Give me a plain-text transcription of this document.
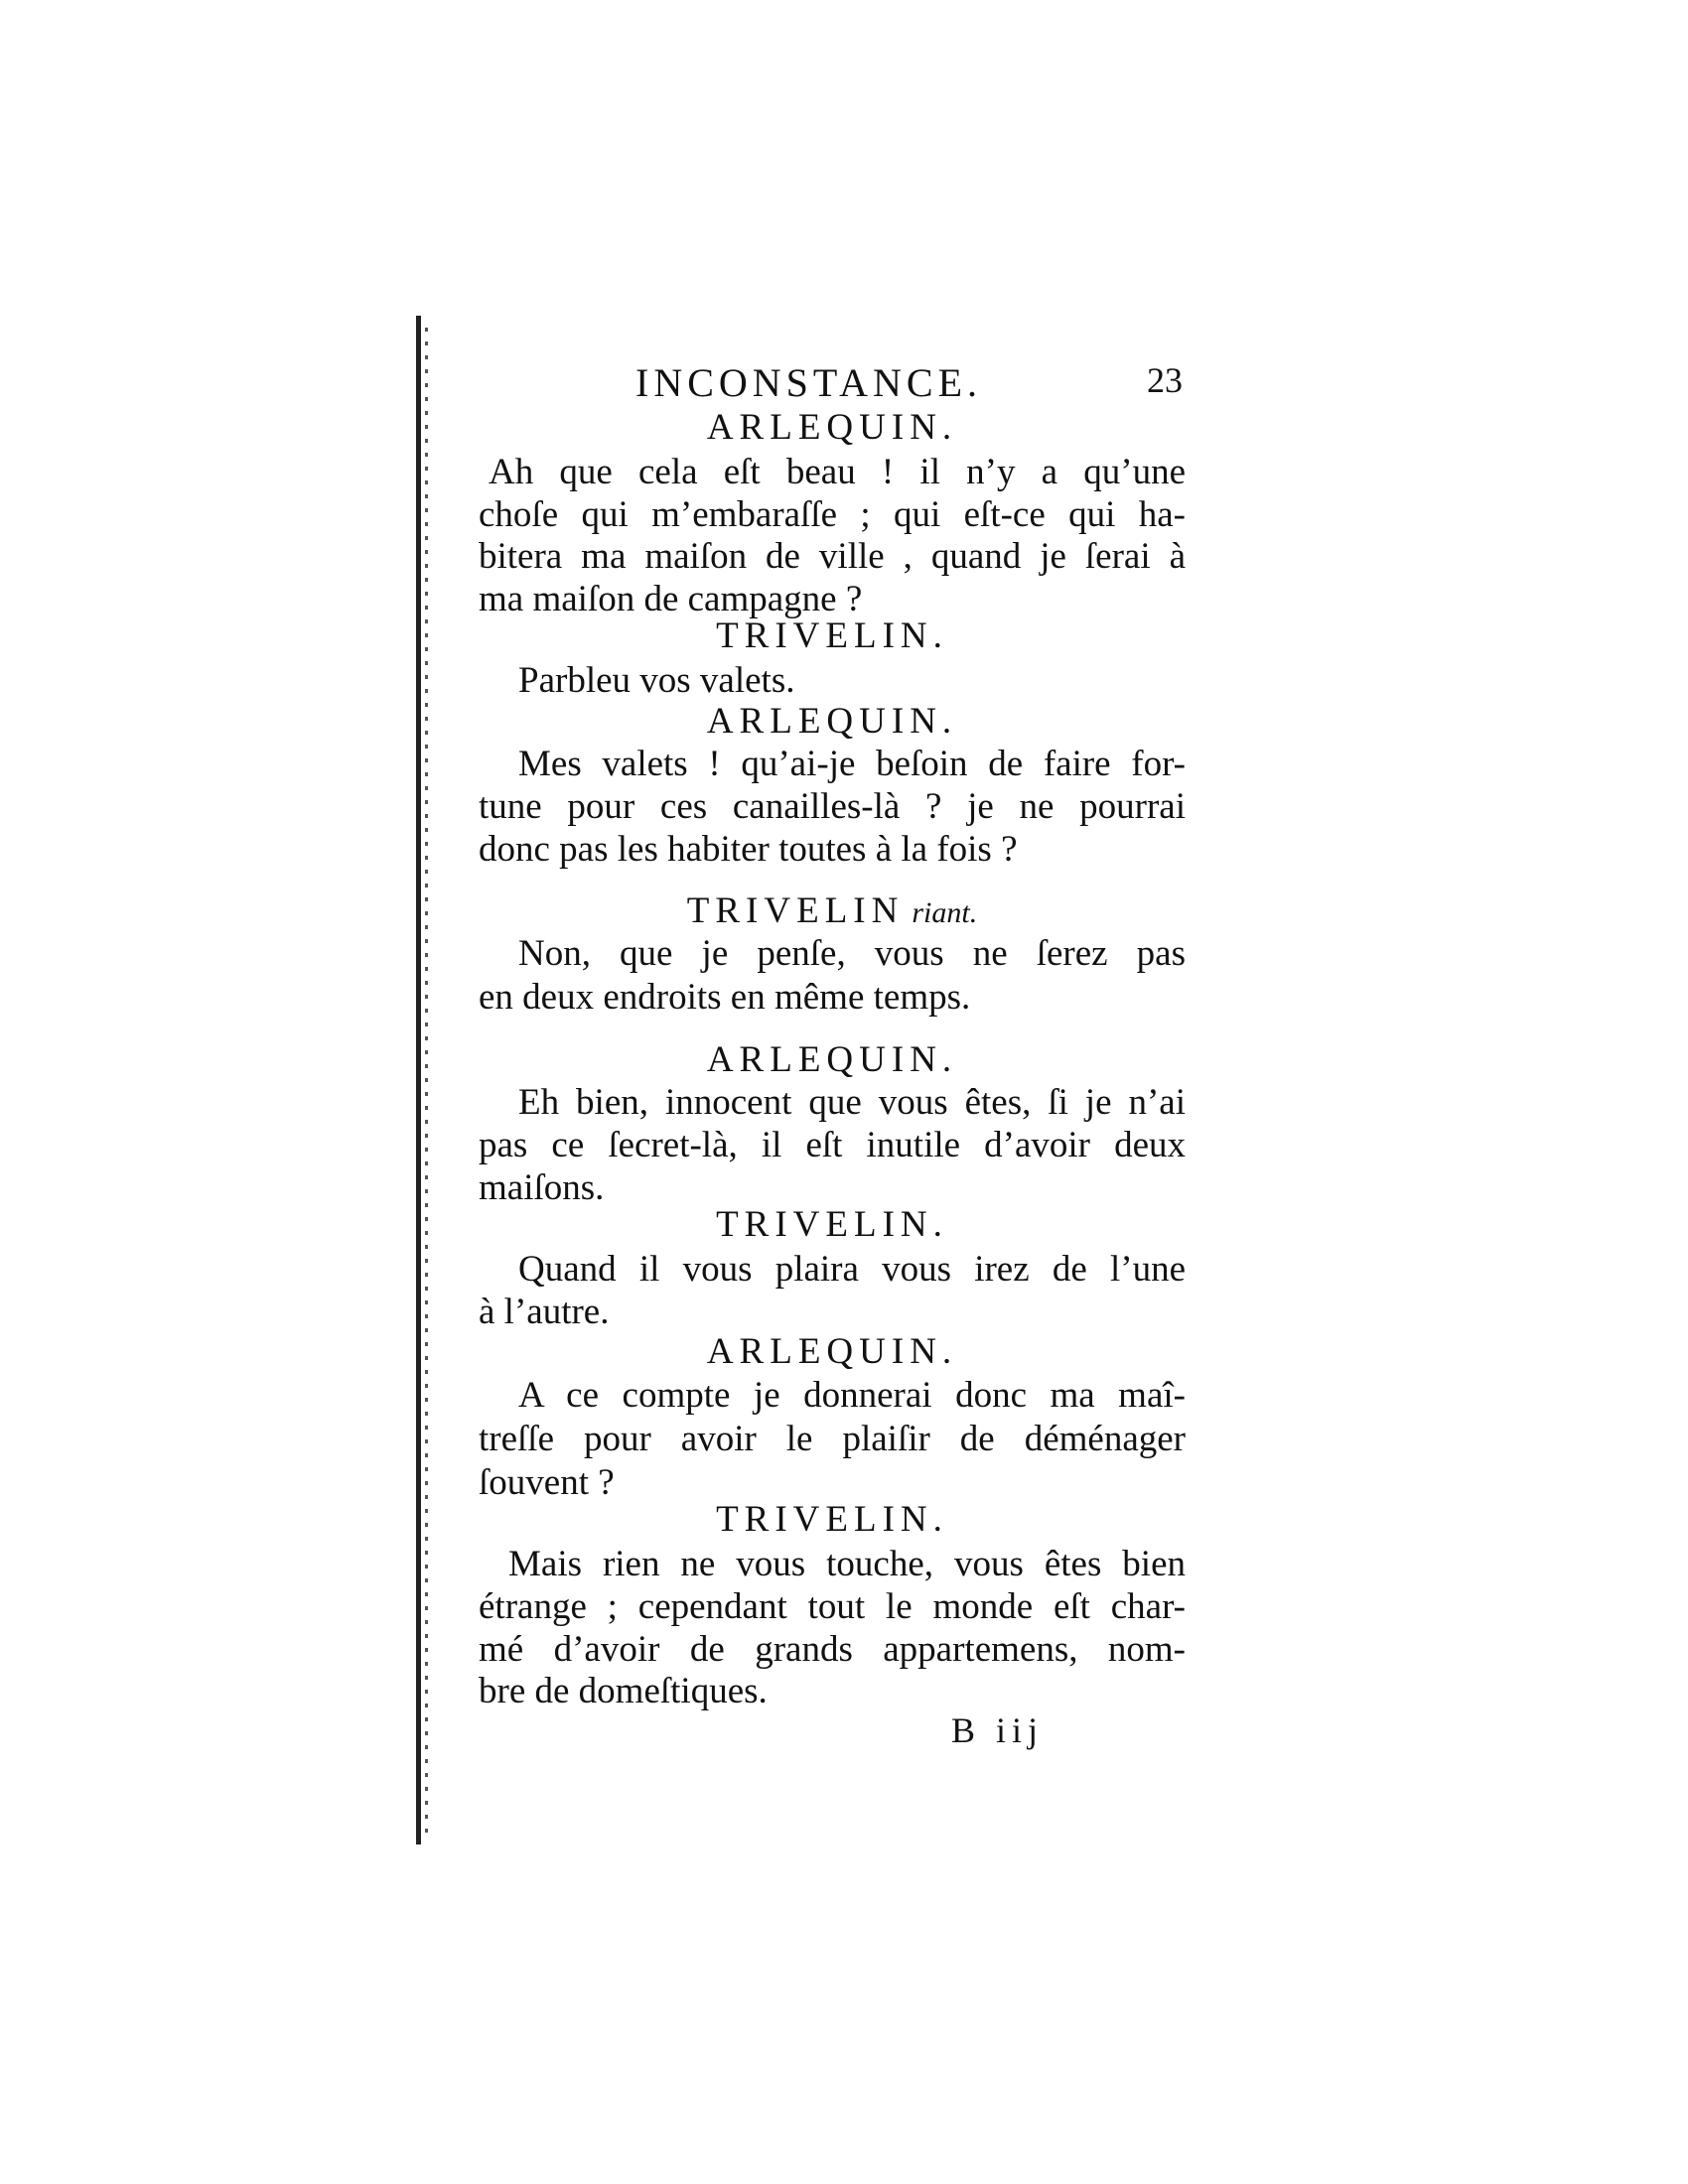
INCONSTANCE.	23
ARLEQUIN.
Ah que cela eſt beau ! il n’y a qu’une
choſe qui m’embaraſſe ; qui eſt-ce qui ha-
bitera ma maiſon de ville , quand je ſerai à
ma maiſon de campagne ?
TRIVELIN.
Parbleu vos valets.
ARLEQUIN.
Mes valets ! qu’ai-je beſoin de faire for-
tune pour ces canailles-là ? je ne pourrai
donc pas les habiter toutes à la fois ?
TRIVELIN riant.
Non, que je penſe, vous ne ſerez pas
en deux endroits en même temps.
ARLEQUIN.
Eh bien, innocent que vous êtes, ſi je n’ai
pas ce ſecret-là, il eſt inutile d’avoir deux
maiſons.
TRIVELIN.
Quand il vous plaira vous irez de l’une
à l’autre.
ARLEQUIN.
A ce compte je donnerai donc ma maî-
treſſe pour avoir le plaiſir de déménager
ſouvent ?
TRIVELIN.
Mais rien ne vous touche, vous êtes bien
étrange ; cependant tout le monde eſt char-
mé d’avoir de grands appartemens, nom-
bre de domeſtiques.
B iij
